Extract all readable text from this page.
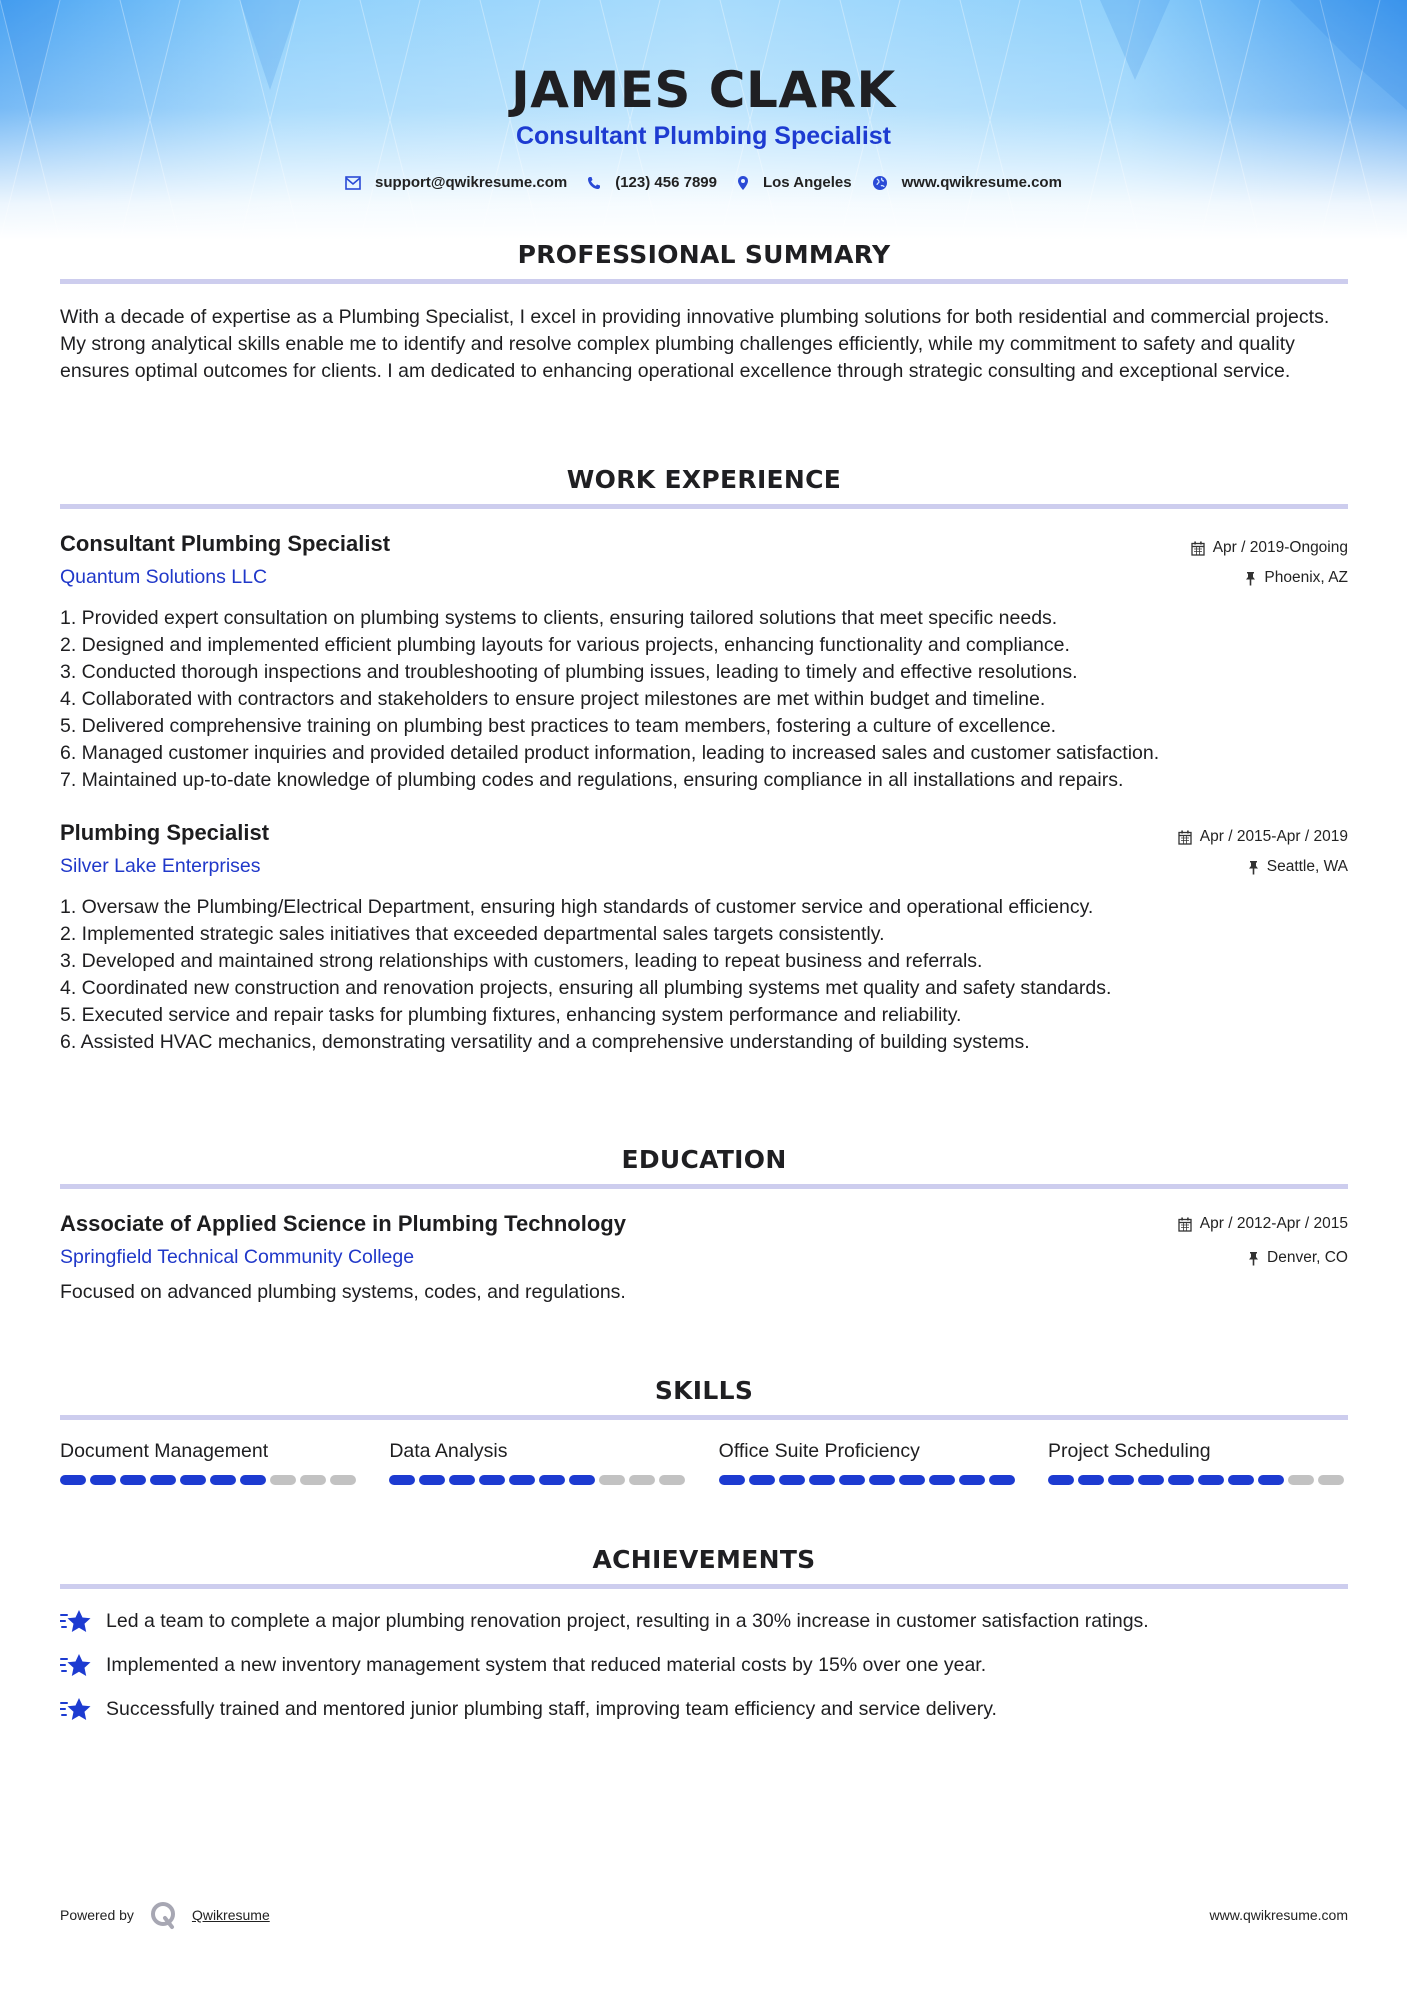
JAMES CLARK
Consultant Plumbing Specialist
support@qwikresume.com	(123) 456 7899	Los Angeles	www.qwikresume.com
PROFESSIONAL SUMMARY
With a decade of expertise as a Plumbing Specialist, I excel in providing innovative plumbing solutions for both residential and commercial projects. My strong analytical skills enable me to identify and resolve complex plumbing challenges efficiently, while my commitment to safety and quality ensures optimal outcomes for clients. I am dedicated to enhancing operational excellence through strategic consulting and exceptional service.
WORK EXPERIENCE
Consultant Plumbing Specialist
Quantum Solutions LLC
Apr / 2019-Ongoing
Phoenix, AZ
1. Provided expert consultation on plumbing systems to clients, ensuring tailored solutions that meet specific needs.
2. Designed and implemented efficient plumbing layouts for various projects, enhancing functionality and compliance.
3. Conducted thorough inspections and troubleshooting of plumbing issues, leading to timely and effective resolutions.
4. Collaborated with contractors and stakeholders to ensure project milestones are met within budget and timeline.
5. Delivered comprehensive training on plumbing best practices to team members, fostering a culture of excellence.
6. Managed customer inquiries and provided detailed product information, leading to increased sales and customer satisfaction.
7. Maintained up-to-date knowledge of plumbing codes and regulations, ensuring compliance in all installations and repairs.
Plumbing Specialist
Silver Lake Enterprises
Apr / 2015-Apr / 2019
Seattle, WA
1. Oversaw the Plumbing/Electrical Department, ensuring high standards of customer service and operational efficiency.
2. Implemented strategic sales initiatives that exceeded departmental sales targets consistently.
3. Developed and maintained strong relationships with customers, leading to repeat business and referrals.
4. Coordinated new construction and renovation projects, ensuring all plumbing systems met quality and safety standards.
5. Executed service and repair tasks for plumbing fixtures, enhancing system performance and reliability.
6. Assisted HVAC mechanics, demonstrating versatility and a comprehensive understanding of building systems.
EDUCATION
Associate of Applied Science in Plumbing Technology
Springfield Technical Community College
Apr / 2012-Apr / 2015
Denver, CO
Focused on advanced plumbing systems, codes, and regulations.
SKILLS
Document Management	Data Analysis	Office Suite Proficiency	Project Scheduling
ACHIEVEMENTS
Led a team to complete a major plumbing renovation project, resulting in a 30% increase in customer satisfaction ratings.
Implemented a new inventory management system that reduced material costs by 15% over one year.
Successfully trained and mentored junior plumbing staff, improving team efficiency and service delivery.
Powered by	Qwikresume	www.qwikresume.com
